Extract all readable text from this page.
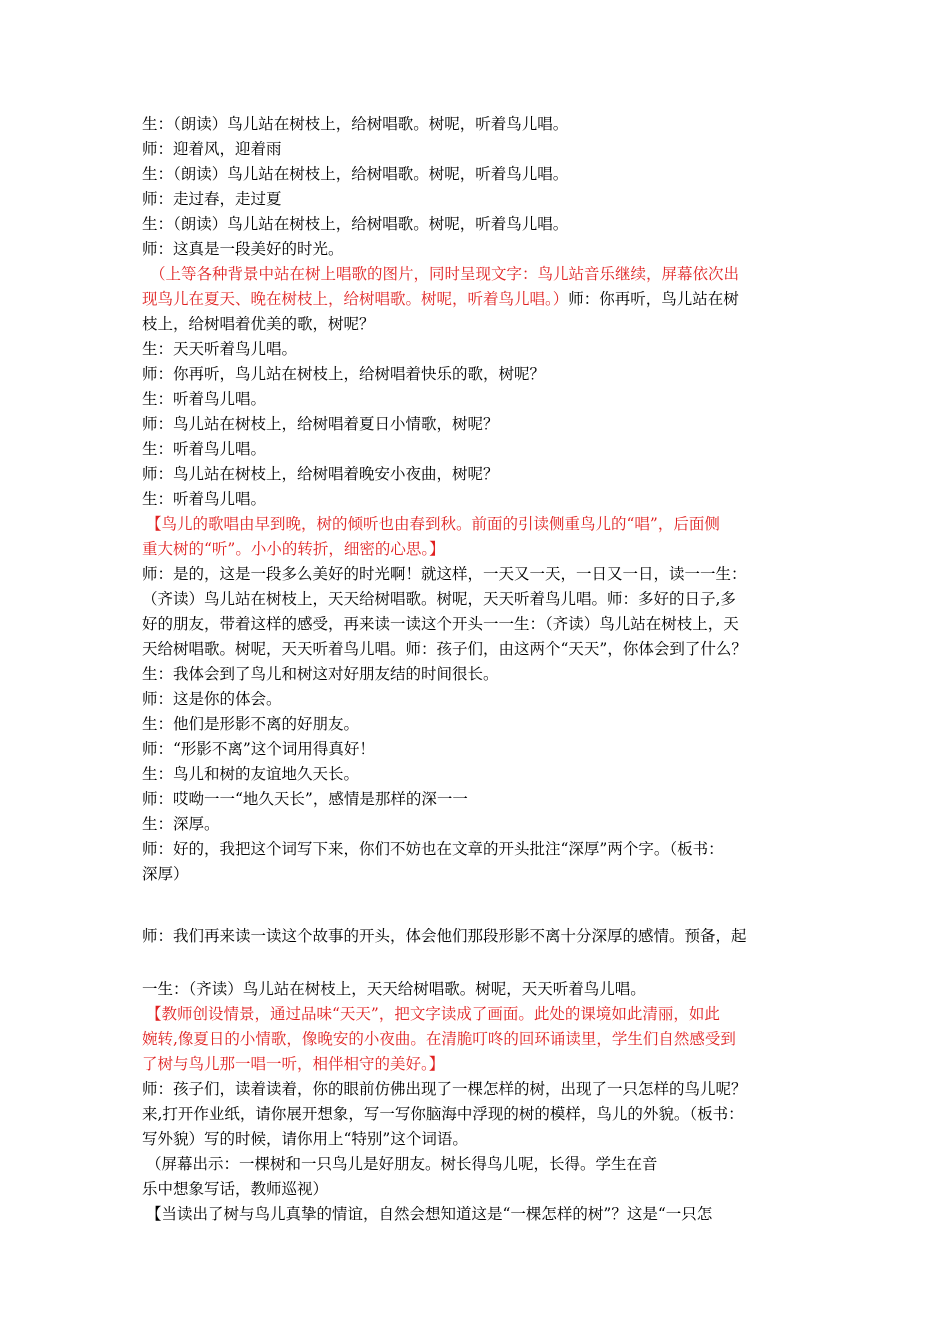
生：（朗读）鸟儿站在树枝上，给树唱歌。树呢，听着鸟儿唱。
师：迎着风，迎着雨
生：（朗读）鸟儿站在树枝上，给树唱歌。树呢，听着鸟儿唱。
师：走过春，走过夏
生：（朗读）鸟儿站在树枝上，给树唱歌。树呢，听着鸟儿唱。
师：这真是一段美好的时光。
（上等各种背景中站在树上唱歌的图片，同时呈现文字：鸟儿站音乐继续，屏幕依次出
现鸟儿在夏天、晚在树枝上，给树唱歌。树呢，听着鸟儿唱。）师：你再听，鸟儿站在树
枝上，给树唱着优美的歌，树呢？
生：天天听着鸟儿唱。
师：你再听，鸟儿站在树枝上，给树唱着快乐的歌，树呢？
生：听着鸟儿唱。
师：鸟儿站在树枝上，给树唱着夏日小情歌，树呢？
生：听着鸟儿唱。
师：鸟儿站在树枝上，给树唱着晚安小夜曲，树呢？
生：听着鸟儿唱。
【鸟儿的歌唱由早到晚，树的倾听也由春到秋。前面的引读侧重鸟儿的“唱”，后面侧
重大树的“听”。小小的转折，细密的心思。】
师：是的，这是一段多么美好的时光啊！就这样，一天又一天，一日又一日，读一一生：
（齐读）鸟儿站在树枝上，天天给树唱歌。树呢，天天听着鸟儿唱。师：多好的日子,多
好的朋友，带着这样的感受，再来读一读这个开头一一生：（齐读）鸟儿站在树枝上，天
天给树唱歌。树呢，天天听着鸟儿唱。师：孩子们，由这两个“天天”，你体会到了什么？
生：我体会到了鸟儿和树这对好朋友结的时间很长。
师：这是你的体会。
生：他们是形影不离的好朋友。
师：“形影不离”这个词用得真好！
生：鸟儿和树的友谊地久天长。
师：哎呦一一“地久天长”，感情是那样的深一一
生：深厚。
师：好的，我把这个词写下来，你们不妨也在文章的开头批注“深厚”两个字。（板书：
深厚）
师：我们再来读一读这个故事的开头，体会他们那段形影不离十分深厚的感情。预备，起
一生：（齐读）鸟儿站在树枝上，天天给树唱歌。树呢，天天听着鸟儿唱。
【教师创设情景，通过品味“天天”，把文字读成了画面。此处的课境如此清丽，如此
婉转,像夏日的小情歌，像晚安的小夜曲。在清脆叮咚的回环诵读里，学生们自然感受到
了树与鸟儿那一唱一听，相伴相守的美好。】
师：孩子们，读着读着，你的眼前仿佛出现了一棵怎样的树，出现了一只怎样的鸟儿呢？
来,打开作业纸，请你展开想象，写一写你脑海中浮现的树的模样，鸟儿的外貌。（板书：
写外貌）写的时候，请你用上“特别”这个词语。
（屏幕出示：一棵树和一只鸟儿是好朋友。树长得鸟儿呢，长得。学生在音
乐中想象写话，教师巡视）
【当读出了树与鸟儿真挚的情谊，自然会想知道这是“一棵怎样的树”？这是“一只怎
